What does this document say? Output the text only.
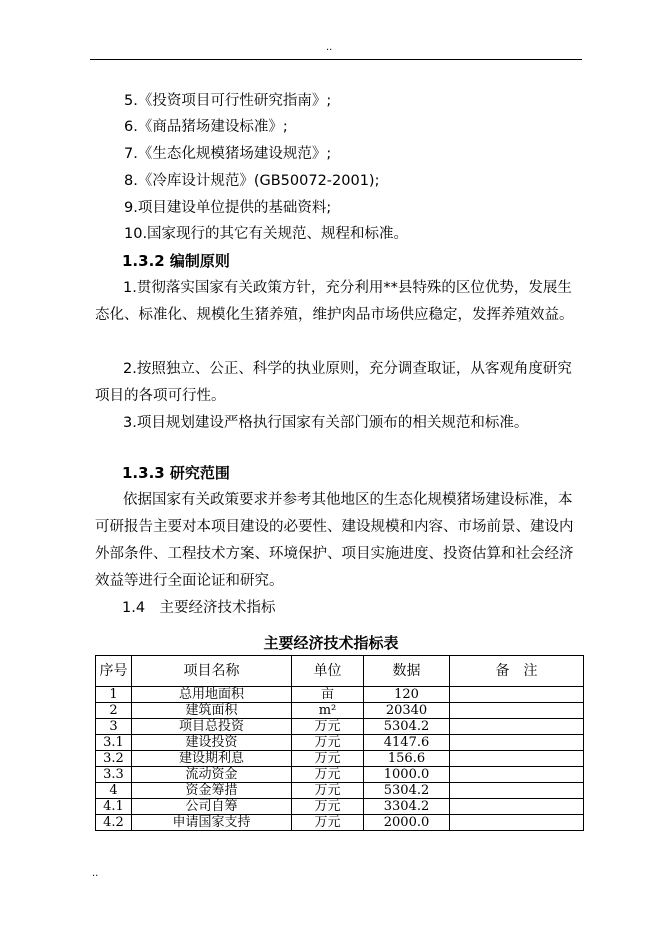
..
5.《投资项目可行性研究指南》;
6.《商品猪场建设标准》;
7.《生态化规模猪场建设规范》;
8.《冷库设计规范》(GB50072-2001);
9.项目建设单位提供的基础资料;
10.国家现行的其它有关规范、规程和标准。
1.3.2 编制原则
1.贯彻落实国家有关政策方针，充分利用**县特殊的区位优势，发展生态化、标准化、规模化生猪养殖，维护肉品市场供应稳定，发挥养殖效益。
2.按照独立、公正、科学的执业原则，充分调查取证，从客观角度研究项目的各项可行性。
3.项目规划建设严格执行国家有关部门颁布的相关规范和标准。
1.3.3 研究范围
依据国家有关政策要求并参考其他地区的生态化规模猪场建设标准，本可研报告主要对本项目建设的必要性、建设规模和内容、市场前景、建设内外部条件、工程技术方案、环境保护、项目实施进度、投资估算和社会经济效益等进行全面论证和研究。
1.4　主要经济技术指标
主要经济技术指标表
序号	项目名称	单位	数据	备　注
1	总用地面积	亩	120	
2	建筑面积	m²	20340	
3	项目总投资	万元	5304.2	
3.1	建设投资	万元	4147.6	
3.2	建设期利息	万元	156.6	
3.3	流动资金	万元	1000.0	
4	资金筹措	万元	5304.2	
4.1	公司自筹	万元	3304.2	
4.2	申请国家支持	万元	2000.0	
..
